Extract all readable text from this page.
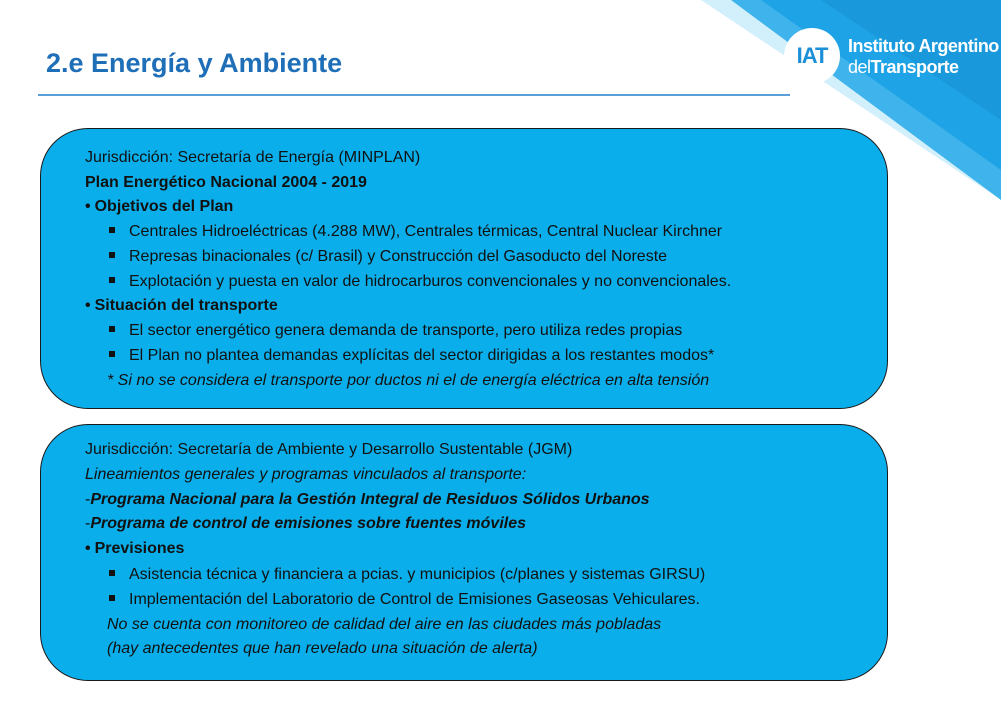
IAT	Instituto Argentino
delTransporte
2.e Energía y Ambiente
Jurisdicción: Secretaría de Energía (MINPLAN)
Plan Energético Nacional 2004 - 2019
• Objetivos del Plan
Centrales Hidroeléctricas (4.288 MW), Centrales térmicas, Central Nuclear Kirchner
Represas binacionales (c/ Brasil) y Construcción del Gasoducto del Noreste
Explotación y puesta en valor de hidrocarburos convencionales y no convencionales.
• Situación del transporte
El sector energético genera demanda de transporte, pero utiliza redes propias
El Plan no plantea demandas explícitas del sector dirigidas a los restantes modos*
* Si no se considera el transporte por ductos ni el de energía eléctrica en alta tensión
Jurisdicción: Secretaría de Ambiente y Desarrollo Sustentable (JGM)
Lineamientos generales y programas vinculados al transporte:
-Programa Nacional para la Gestión Integral de Residuos Sólidos Urbanos
-Programa de control de emisiones sobre fuentes móviles
• Previsiones
Asistencia técnica y financiera a pcias. y municipios (c/planes y sistemas GIRSU)
Implementación del Laboratorio de Control de Emisiones Gaseosas Vehiculares.
No se cuenta con monitoreo de calidad del aire en las ciudades más pobladas
(hay antecedentes que han revelado una situación de alerta)
